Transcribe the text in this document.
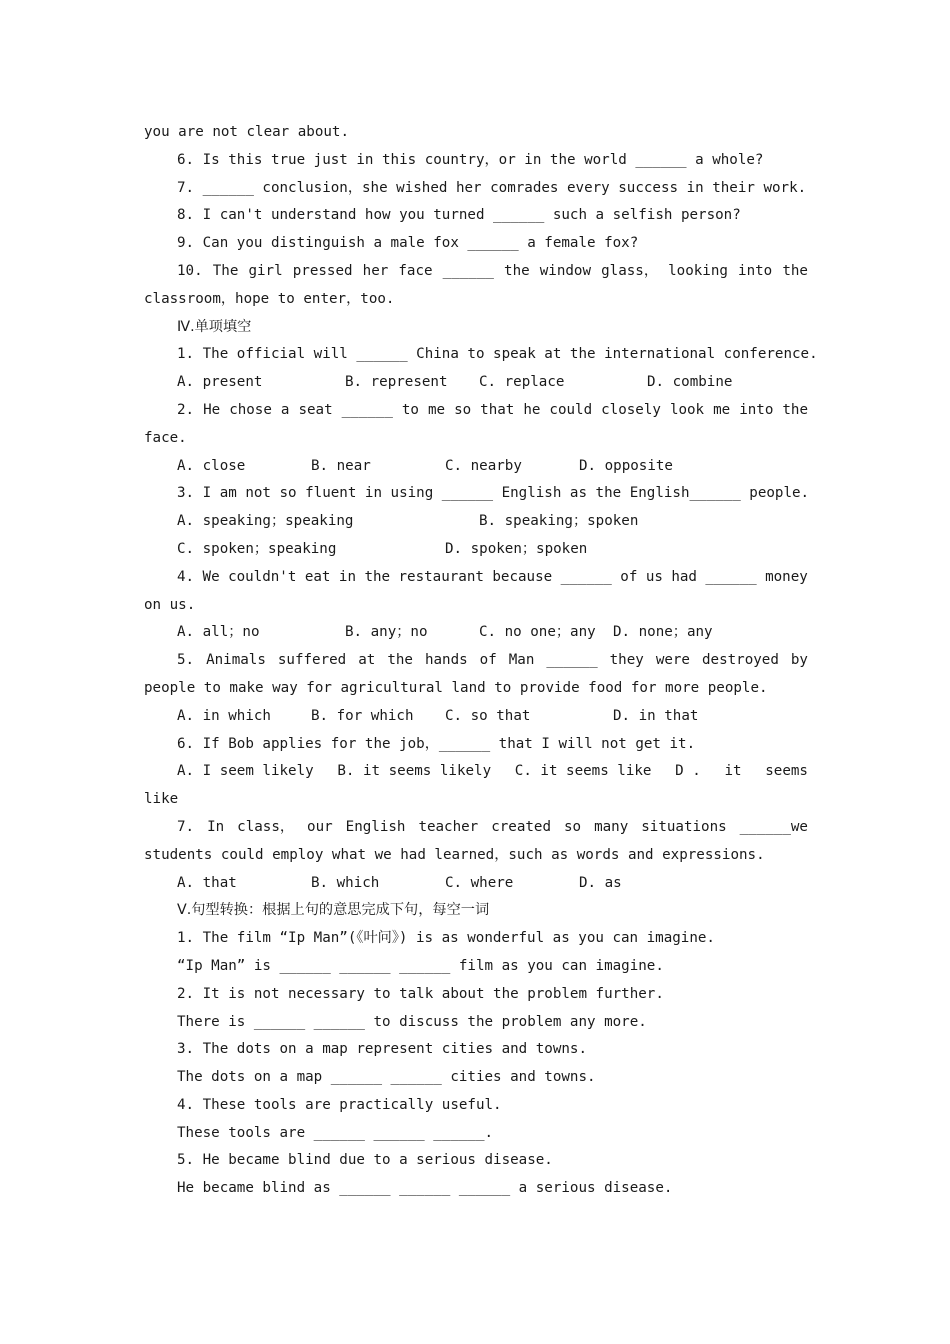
you are not clear about.
6. Is this true just in this country，or in the world ______ a whole?
7. ______ conclusion，she wished her comrades every success in their work.
8. I can't understand how you turned ______ such a selfish person?
9. Can you distinguish a male fox ______ a female fox?
10. The girl pressed her face ______ the window glass， looking into the
classroom，hope to enter，too.
Ⅳ.单项填空
1. The official will ______ China to speak at the international conference.
A. present	B. represent	C. replace	D. combine
2. He chose a seat ______ to me so that he could closely look me into the
face.
A. close	B. near	C. nearby	D. opposite
3. I am not so fluent in using ______ English as the English______ people.
A. speaking；speaking	B. speaking；spoken
C. spoken；speaking	D. spoken；spoken
4. We couldn't eat in the restaurant because ______ of us had ______ money
on us.
A. all；no	B. any；no	C. no one；any	D. none；any
5. Animals suffered at the hands of Man ______ they were destroyed by
people to make way for agricultural land to provide food for more people.
A. in which	B. for which	C. so that	D. in that
6. If Bob applies for the job，______ that I will not get it.
A. I seem likely B. it seems likely C. it seems like D . it seems
like
7. In class， our English teacher created so many situations ______we
students could employ what we had learned，such as words and expressions.
A. that	B. which	C. where	D. as
Ⅴ.句型转换：根据上句的意思完成下句，每空一词
1. The film “Ip Man”(《叶问》) is as wonderful as you can imagine.
“Ip Man” is ______ ______ ______ film as you can imagine.
2. It is not necessary to talk about the problem further.
There is ______ ______ to discuss the problem any more.
3. The dots on a map represent cities and towns.
The dots on a map ______ ______ cities and towns.
4. These tools are practically useful.
These tools are ______ ______ ______.
5. He became blind due to a serious disease.
He became blind as ______ ______ ______ a serious disease.
